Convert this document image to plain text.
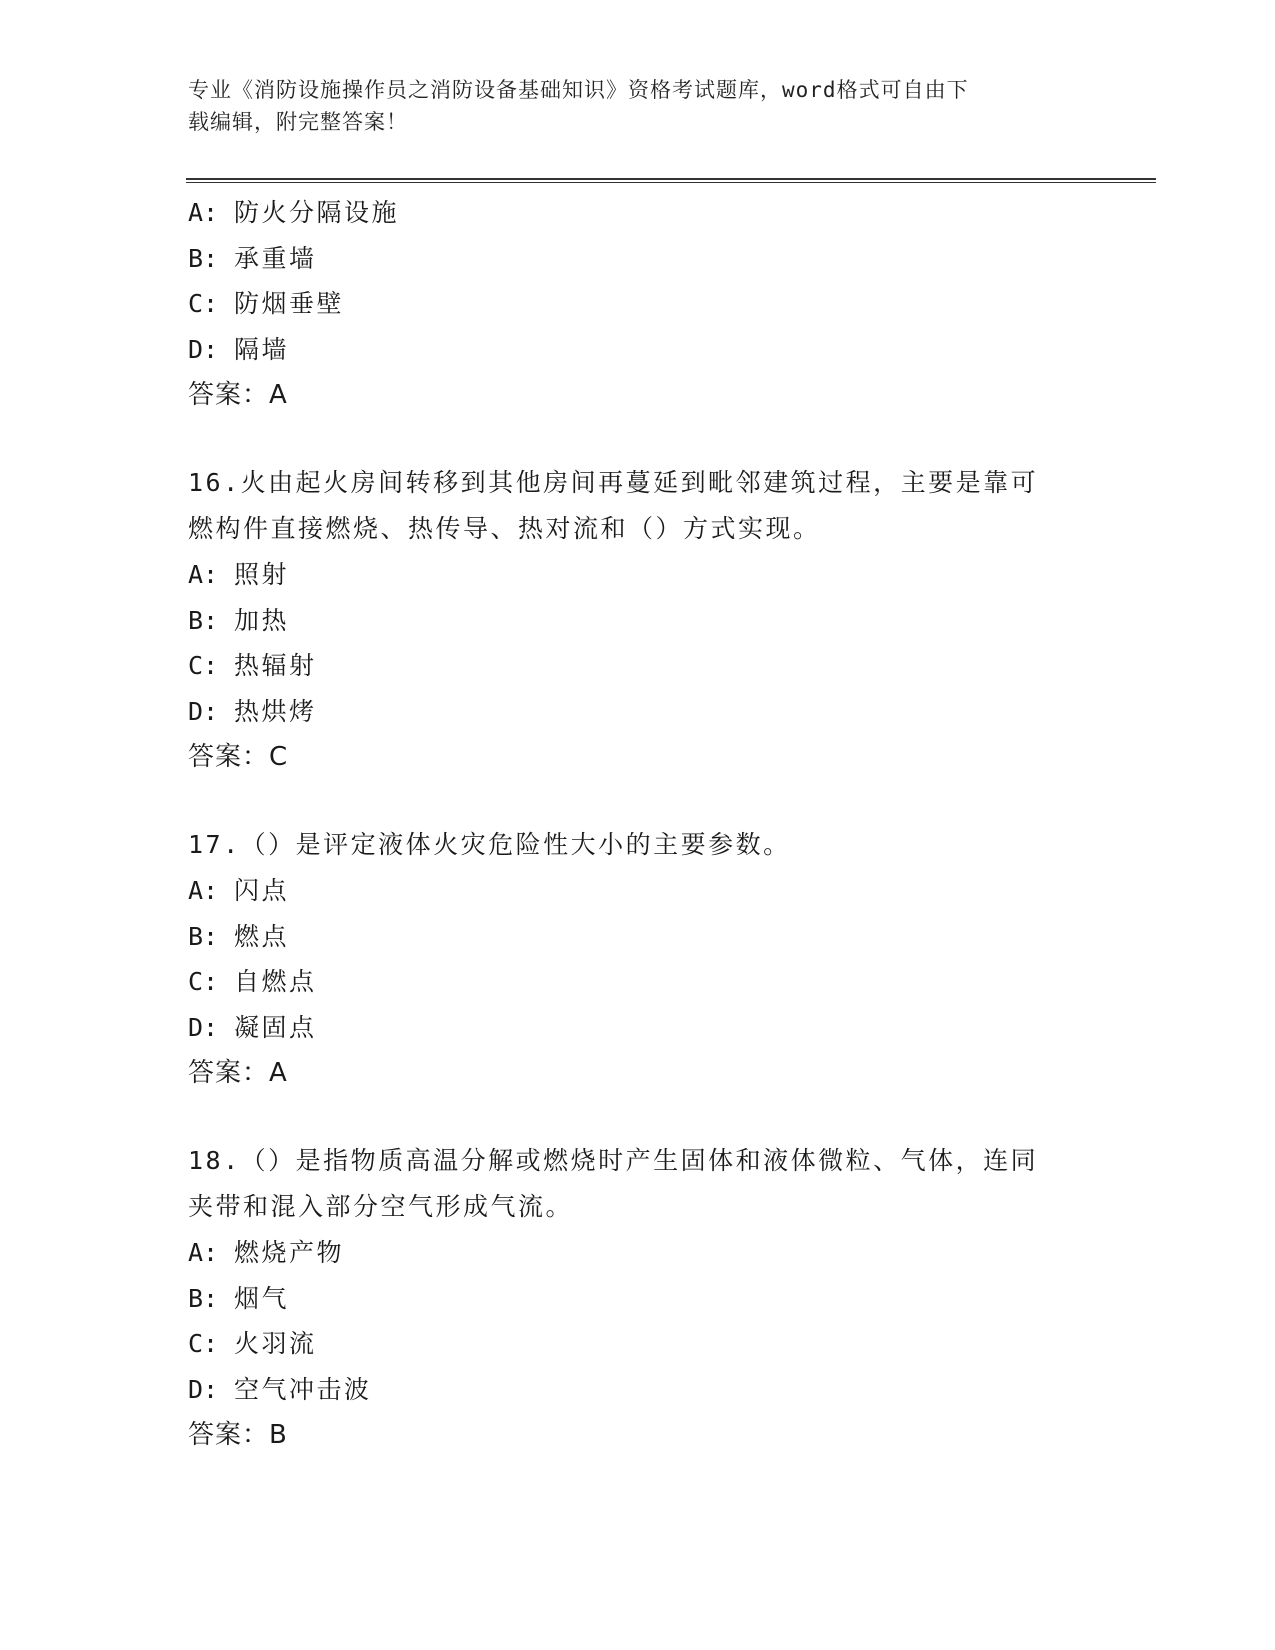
专业《消防设施操作员之消防设备基础知识》资格考试题库，word格式可自由下
载编辑，附完整答案！
A: 防火分隔设施
B: 承重墙
C: 防烟垂壁
D: 隔墙
答案：A
16.火由起火房间转移到其他房间再蔓延到毗邻建筑过程，主要是靠可
燃构件直接燃烧、热传导、热对流和（）方式实现。
A: 照射
B: 加热
C: 热辐射
D: 热烘烤
答案：C
17.（）是评定液体火灾危险性大小的主要参数。
A: 闪点
B: 燃点
C: 自燃点
D: 凝固点
答案：A
18.（）是指物质高温分解或燃烧时产生固体和液体微粒、气体，连同
夹带和混入部分空气形成气流。
A: 燃烧产物
B: 烟气
C: 火羽流
D: 空气冲击波
答案：B
